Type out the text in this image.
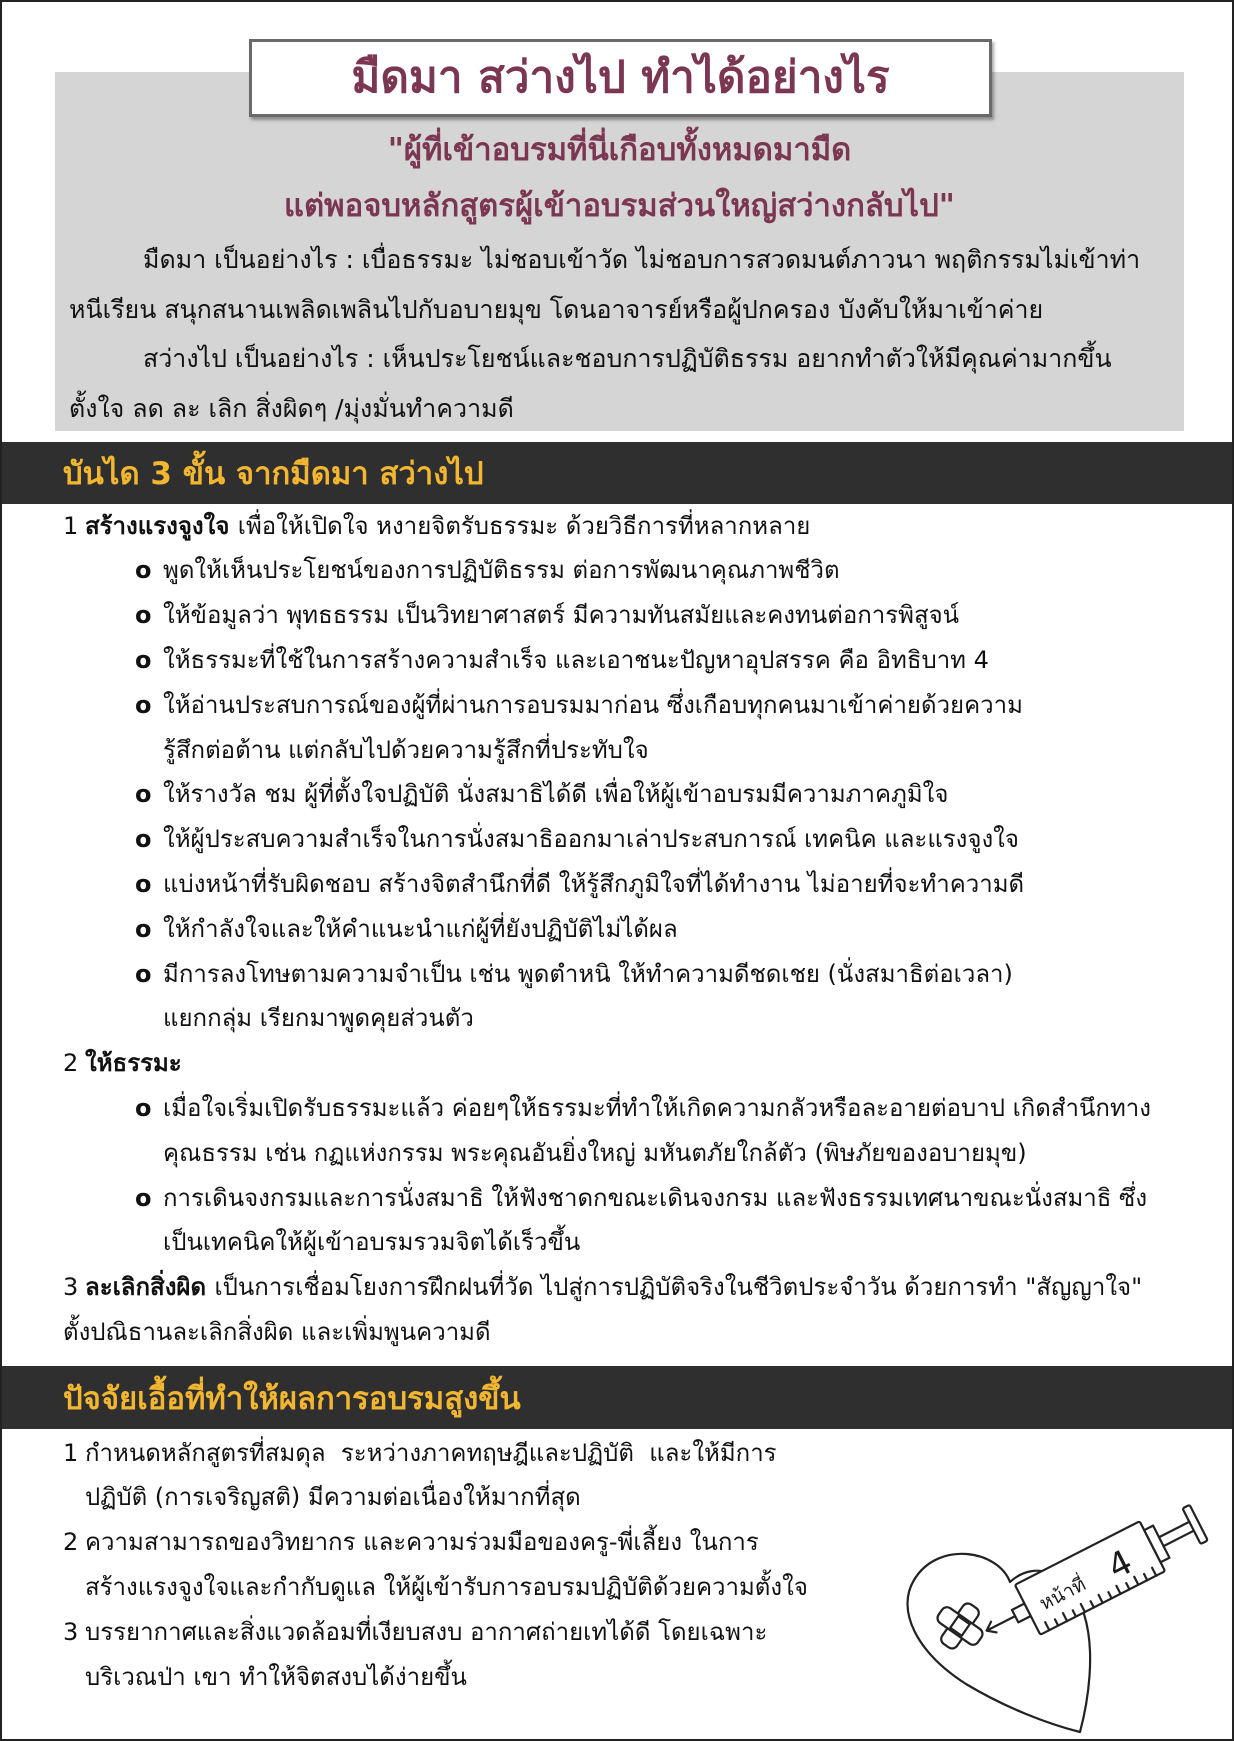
มืดมา สว่างไป ทำได้อย่างไร
"ผู้ที่เข้าอบรมที่นี่เกือบทั้งหมดมามืด
แต่พอจบหลักสูตรผู้เข้าอบรมส่วนใหญ่สว่างกลับไป"
มืดมา เป็นอย่างไร : เบื่อธรรมะ ไม่ชอบเข้าวัด ไม่ชอบการสวดมนต์ภาวนา พฤติกรรมไม่เข้าท่า
หนีเรียน สนุกสนานเพลิดเพลินไปกับอบายมุข โดนอาจารย์หรือผู้ปกครอง บังคับให้มาเข้าค่าย
สว่างไป เป็นอย่างไร : เห็นประโยชน์และชอบการปฏิบัติธรรม อยากทำตัวให้มีคุณค่ามากขึ้น
ตั้งใจ ลด ละ เลิก สิ่งผิดๆ /มุ่งมั่นทำความดี
บันได 3 ขั้น จากมืดมา สว่างไป
1 สร้างแรงจูงใจ เพื่อให้เปิดใจ หงายจิตรับธรรมะ ด้วยวิธีการที่หลากหลาย
o พูดให้เห็นประโยชน์ของการปฏิบัติธรรม ต่อการพัฒนาคุณภาพชีวิต
o ให้ข้อมูลว่า พุทธธรรม เป็นวิทยาศาสตร์ มีความทันสมัยและคงทนต่อการพิสูจน์
o ให้ธรรมะที่ใช้ในการสร้างความสำเร็จ และเอาชนะปัญหาอุปสรรค คือ อิทธิบาท 4
o ให้อ่านประสบการณ์ของผู้ที่ผ่านการอบรมมาก่อน ซึ่งเกือบทุกคนมาเข้าค่ายด้วยความ
รู้สึกต่อต้าน แต่กลับไปด้วยความรู้สึกที่ประทับใจ
o ให้รางวัล ชม ผู้ที่ตั้งใจปฏิบัติ นั่งสมาธิได้ดี เพื่อให้ผู้เข้าอบรมมีความภาคภูมิใจ
o ให้ผู้ประสบความสำเร็จในการนั่งสมาธิออกมาเล่าประสบการณ์ เทคนิค และแรงจูงใจ
o แบ่งหน้าที่รับผิดชอบ สร้างจิตสำนึกที่ดี ให้รู้สึกภูมิใจที่ได้ทำงาน ไม่อายที่จะทำความดี
o ให้กำลังใจและให้คำแนะนำแก่ผู้ที่ยังปฏิบัติไม่ได้ผล
o มีการลงโทษตามความจำเป็น เช่น พูดตำหนิ ให้ทำความดีชดเชย (นั่งสมาธิต่อเวลา)
แยกกลุ่ม เรียกมาพูดคุยส่วนตัว
2 ให้ธรรมะ
o เมื่อใจเริ่มเปิดรับธรรมะแล้ว ค่อยๆให้ธรรมะที่ทำให้เกิดความกลัวหรือละอายต่อบาป เกิดสำนึกทาง
คุณธรรม เช่น กฏแห่งกรรม พระคุณอันยิ่งใหญ่ มหันตภัยใกล้ตัว (พิษภัยของอบายมุข)
o การเดินจงกรมและการนั่งสมาธิ ให้ฟังชาดกขณะเดินจงกรม และฟังธรรมเทศนาขณะนั่งสมาธิ ซึ่ง
เป็นเทคนิคให้ผู้เข้าอบรมรวมจิตได้เร็วขึ้น
3 ละเลิกสิ่งผิด เป็นการเชื่อมโยงการฝึกฝนที่วัด ไปสู่การปฏิบัติจริงในชีวิตประจำวัน ด้วยการทำ "สัญญาใจ"
ตั้งปณิธานละเลิกสิ่งผิด และเพิ่มพูนความดี
ปัจจัยเอื้อที่ทำให้ผลการอบรมสูงขึ้น
1 กำหนดหลักสูตรที่สมดุล  ระหว่างภาคทฤษฎีและปฏิบัติ  และให้มีการ
ปฏิบัติ (การเจริญสติ) มีความต่อเนื่องให้มากที่สุด
2 ความสามารถของวิทยากร และความร่วมมือของครู-พี่เลี้ยง ในการ
สร้างแรงจูงใจและกำกับดูแล ให้ผู้เข้ารับการอบรมปฏิบัติด้วยความตั้งใจ
3 บรรยากาศและสิ่งแวดล้อมที่เงียบสงบ อากาศถ่ายเทได้ดี โดยเฉพาะ
บริเวณป่า เขา ทำให้จิตสงบได้ง่ายขึ้น
หน้าที่
4
